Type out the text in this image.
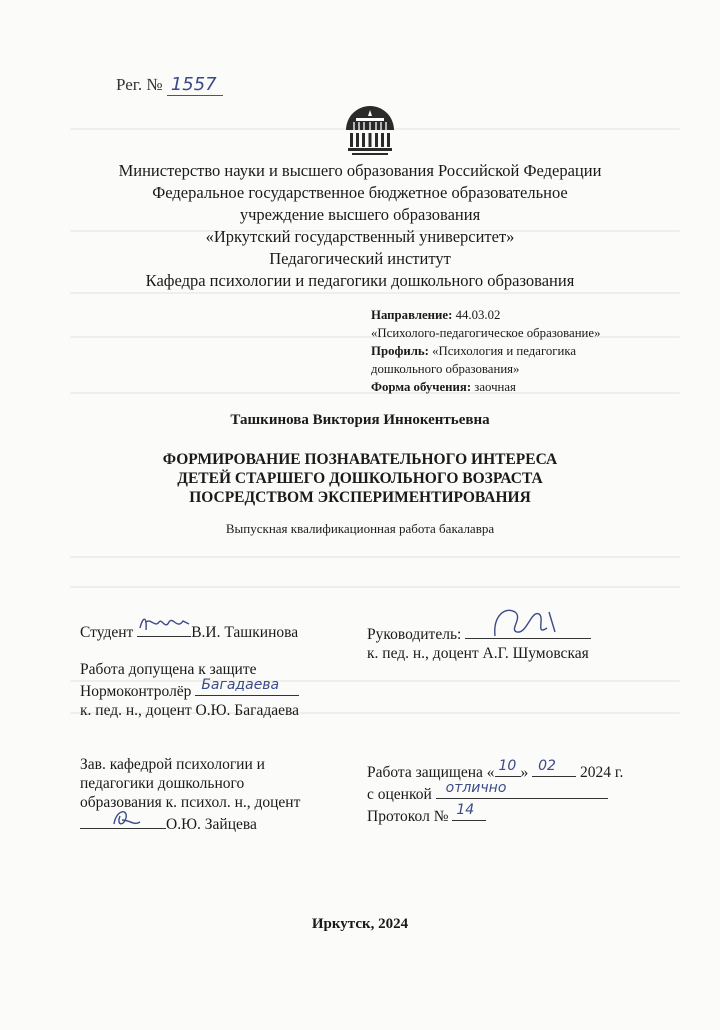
Рег. № 1557
Министерство науки и высшего образования Российской Федерации
Федеральное государственное бюджетное образовательное
учреждение высшего образования
«Иркутский государственный университет»
Педагогический институт
Кафедра психологии и педагогики дошкольного образования
Направление: 44.03.02
«Психолого-педагогическое образование»
Профиль: «Психология и педагогика
дошкольного образования»
Форма обучения: заочная
Ташкинова Виктория Иннокентьевна
ФОРМИРОВАНИЕ ПОЗНАВАТЕЛЬНОГО ИНТЕРЕСА
ДЕТЕЙ СТАРШЕГО ДОШКОЛЬНОГО ВОЗРАСТА
ПОСРЕДСТВОМ ЭКСПЕРИМЕНТИРОВАНИЯ
Выпускная квалификационная работа бакалавра
Студент	В.И. Ташкинова	Руководитель:
к. пед. н., доцент А.Г. Шумовская
Работа допущена к защите
Нормоконтролёр Багадаева
к. пед. н., доцент О.Ю. Багадаева
Зав. кафедрой психологии и
педагогики дошкольного
образования к. психол. н., доцент
О.Ю. Зайцева
Работа защищена « 10 » 02 2024 г.
с оценкой отлично
Протокол № 14
Иркутск, 2024
